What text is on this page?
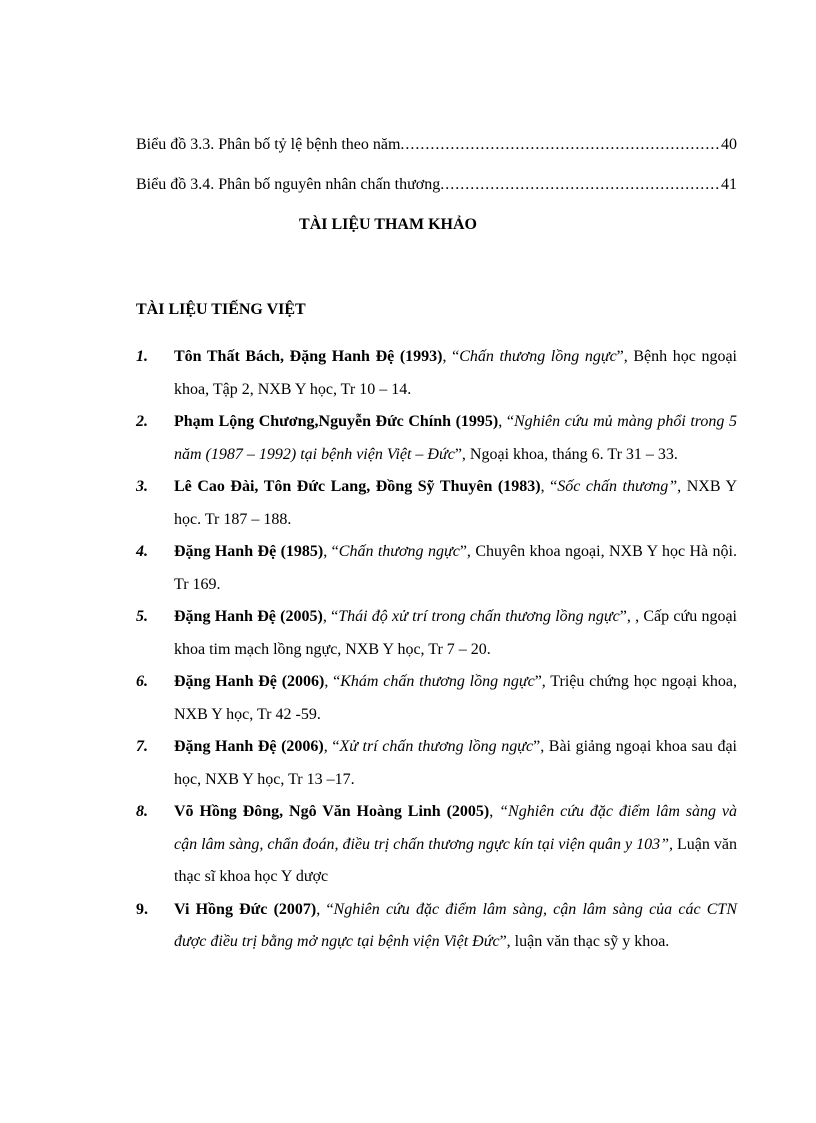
Biểu đồ 3.3. Phân bố tỷ lệ bệnh theo năm. .....	40
Biểu đồ 3.4. Phân bố nguyên nhân chấn thương. .....	41
TÀI LIỆU THAM KHẢO
TÀI LIỆU TIẾNG VIỆT
1. Tôn Thất Bách, Đặng Hanh Đệ (1993), “Chấn thương lồng ngực”, Bệnh học ngoại khoa, Tập 2, NXB Y học, Tr 10 – 14.
2. Phạm Lộng Chương,Nguyễn Đức Chính (1995), “Nghiên cứu mủ màng phổi trong 5 năm (1987 – 1992) tại bệnh viện Việt – Đức”, Ngoại khoa, tháng 6. Tr 31 – 33.
3. Lê Cao Đài, Tôn Đức Lang, Đồng Sỹ Thuyên (1983), “Sốc chấn thương”, NXB Y học. Tr 187 – 188.
4. Đặng Hanh Đệ (1985), “Chấn thương ngực”, Chuyên khoa ngoại, NXB Y học Hà nội. Tr 169.
5. Đặng Hanh Đệ (2005), “Thái độ xử trí trong chấn thương lồng ngực”, , Cấp cứu ngoại khoa tim mạch lồng ngực, NXB Y học, Tr 7 – 20.
6. Đặng Hanh Đệ (2006), “Khám chấn thương lồng ngực”, Triệu chứng học ngoại khoa, NXB Y học, Tr 42 -59.
7. Đặng Hanh Đệ (2006), “Xử trí chấn thương lồng ngực”, Bài giảng ngoại khoa sau đại học, NXB Y học, Tr 13 –17.
8. Võ Hồng Đông, Ngô Văn Hoàng Linh (2005), “Nghiên cứu đặc điểm lâm sàng và cận lâm sàng, chẩn đoán, điều trị chấn thương ngực kín tại viện quân y 103”, Luận văn thạc sĩ khoa học Y dược
9. Vi Hồng Đức (2007), “Nghiên cứu đặc điểm lâm sàng, cận lâm sàng của các CTN được điều trị bằng mở ngực tại bệnh viện Việt Đức”, luận văn thạc sỹ y khoa.
